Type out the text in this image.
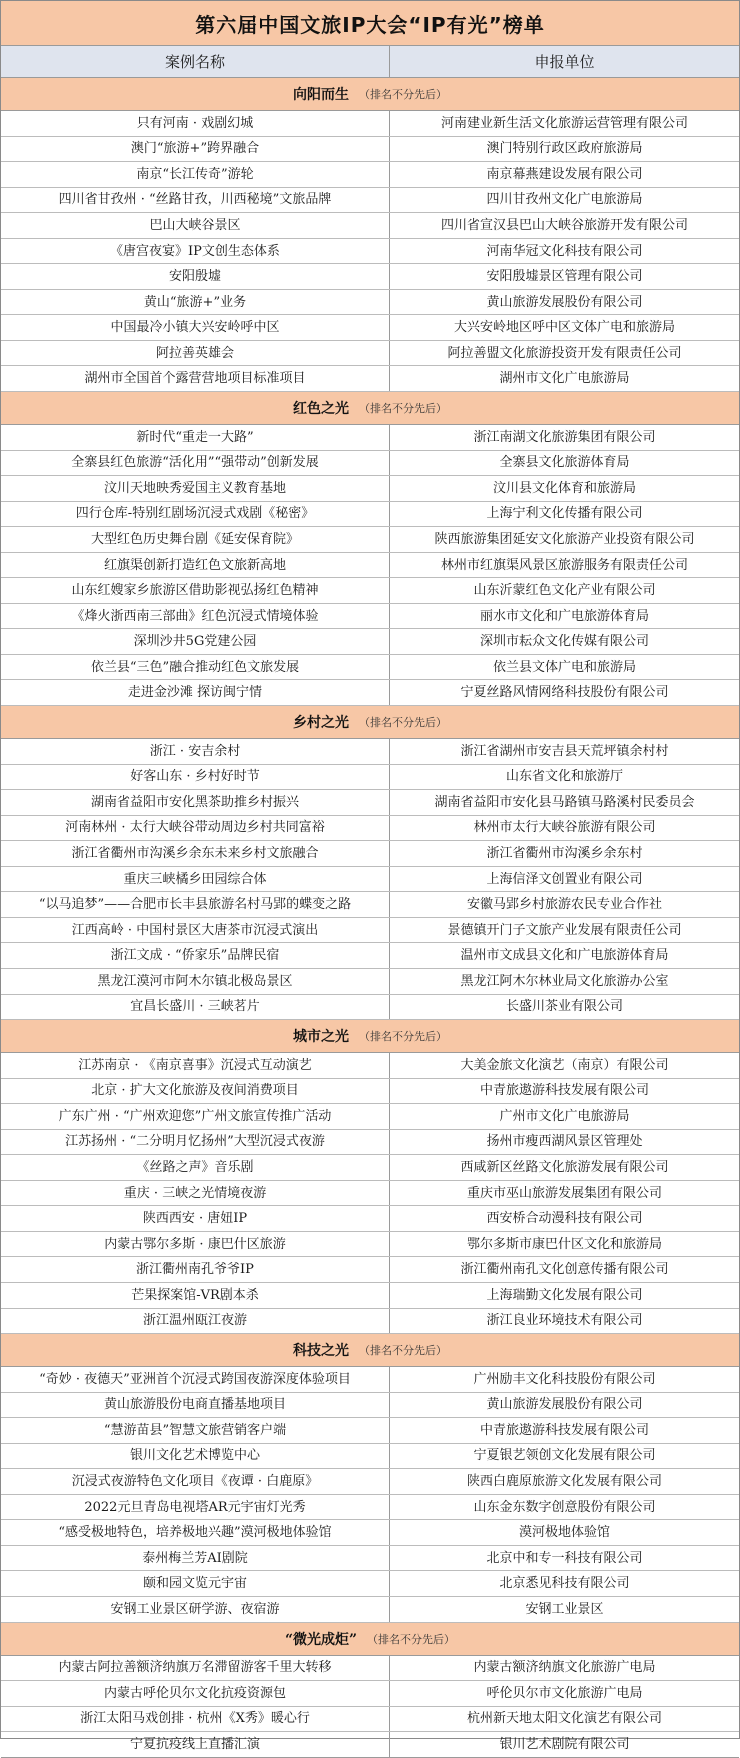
第六届中国文旅IP大会“IP有光”榜单
案例名称	申报单位
向阳而生 （排名不分先后）
只有河南 · 戏剧幻城	河南建业新生活文化旅游运营管理有限公司
澳门“旅游+”跨界融合	澳门特别行政区政府旅游局
南京“长江传奇”游轮	南京幕燕建设发展有限公司
四川省甘孜州 · “丝路甘孜，川西秘境”文旅品牌	四川甘孜州文化广电旅游局
巴山大峡谷景区	四川省宣汉县巴山大峡谷旅游开发有限公司
《唐宫夜宴》IP文创生态体系	河南华冠文化科技有限公司
安阳殷墟	安阳殷墟景区管理有限公司
黄山“旅游+”业务	黄山旅游发展股份有限公司
中国最冷小镇大兴安岭呼中区	大兴安岭地区呼中区文体广电和旅游局
阿拉善英雄会	阿拉善盟文化旅游投资开发有限责任公司
湖州市全国首个露营营地项目标准项目	湖州市文化广电旅游局
红色之光 （排名不分先后）
新时代“重走一大路”	浙江南湖文化旅游集团有限公司
全寨县红色旅游“活化用”“强带动”创新发展	全寨县文化旅游体育局
汶川天地映秀爱国主义教育基地	汶川县文化体育和旅游局
四行仓库-特别红剧场沉浸式戏剧《秘密》	上海宁利文化传播有限公司
大型红色历史舞台剧《延安保育院》	陕西旅游集团延安文化旅游产业投资有限公司
红旗渠创新打造红色文旅新高地	林州市红旗渠风景区旅游服务有限责任公司
山东红嫂家乡旅游区借助影视弘扬红色精神	山东沂蒙红色文化产业有限公司
《烽火浙西南三部曲》红色沉浸式情境体验	丽水市文化和广电旅游体育局
深圳沙井5G党建公园	深圳市耘众文化传媒有限公司
依兰县“三色”融合推动红色文旅发展	依兰县文体广电和旅游局
走进金沙滩 探访闽宁情	宁夏丝路风情网络科技股份有限公司
乡村之光 （排名不分先后）
浙江 · 安吉余村	浙江省湖州市安吉县天荒坪镇余村村
好客山东 · 乡村好时节	山东省文化和旅游厅
湖南省益阳市安化黑茶助推乡村振兴	湖南省益阳市安化县马路镇马路溪村民委员会
河南林州 · 太行大峡谷带动周边乡村共同富裕	林州市太行大峡谷旅游有限公司
浙江省衢州市沟溪乡余东未来乡村文旅融合	浙江省衢州市沟溪乡余东村
重庆三峡橘乡田园综合体	上海信泽文创置业有限公司
“以马追梦”——合肥市长丰县旅游名村马郢的蝶变之路	安徽马郢乡村旅游农民专业合作社
江西高岭 · 中国村景区大唐茶市沉浸式演出	景德镇开门子文旅产业发展有限责任公司
浙江文成 · “侨家乐”品牌民宿	温州市文成县文化和广电旅游体育局
黑龙江漠河市阿木尔镇北极岛景区	黑龙江阿木尔林业局文化旅游办公室
宜昌长盛川 · 三峡茗片	长盛川茶业有限公司
城市之光 （排名不分先后）
江苏南京 · 《南京喜事》沉浸式互动演艺	大美金旅文化演艺（南京）有限公司
北京 · 扩大文化旅游及夜间消费项目	中青旅遨游科技发展有限公司
广东广州 · “广州欢迎您”广州文旅宣传推广活动	广州市文化广电旅游局
江苏扬州 · “二分明月忆扬州”大型沉浸式夜游	扬州市瘦西湖风景区管理处
《丝路之声》音乐剧	西咸新区丝路文化旅游发展有限公司
重庆 · 三峡之光情境夜游	重庆市巫山旅游发展集团有限公司
陕西西安 · 唐妞IP	西安桥合动漫科技有限公司
内蒙古鄂尔多斯 · 康巴什区旅游	鄂尔多斯市康巴什区文化和旅游局
浙江衢州南孔爷爷IP	浙江衢州南孔文化创意传播有限公司
芒果探案馆-VR剧本杀	上海瑞勤文化发展有限公司
浙江温州瓯江夜游	浙江良业环境技术有限公司
科技之光 （排名不分先后）
“奇妙 · 夜德天”亚洲首个沉浸式跨国夜游深度体验项目	广州励丰文化科技股份有限公司
黄山旅游股份电商直播基地项目	黄山旅游发展股份有限公司
“慧游苗县”智慧文旅营销客户端	中青旅遨游科技发展有限公司
银川文化艺术博览中心	宁夏银艺领创文化发展有限公司
沉浸式夜游特色文化项目《夜谭 · 白鹿原》	陕西白鹿原旅游文化发展有限公司
2022元旦青岛电视塔AR元宇宙灯光秀	山东金东数字创意股份有限公司
“感受极地特色，培养极地兴趣”漠河极地体验馆	漠河极地体验馆
泰州梅兰芳AI剧院	北京中和专一科技有限公司
颐和园文览元宇宙	北京悉见科技有限公司
安钢工业景区研学游、夜宿游	安钢工业景区
“微光成炬” （排名不分先后）
内蒙古阿拉善额济纳旗万名滞留游客千里大转移	内蒙古额济纳旗文化旅游广电局
内蒙古呼伦贝尔文化抗疫资源包	呼伦贝尔市文化旅游广电局
浙江太阳马戏创排 · 杭州《X秀》暖心行	杭州新天地太阳文化演艺有限公司
宁夏抗疫线上直播汇演	银川艺术剧院有限公司
